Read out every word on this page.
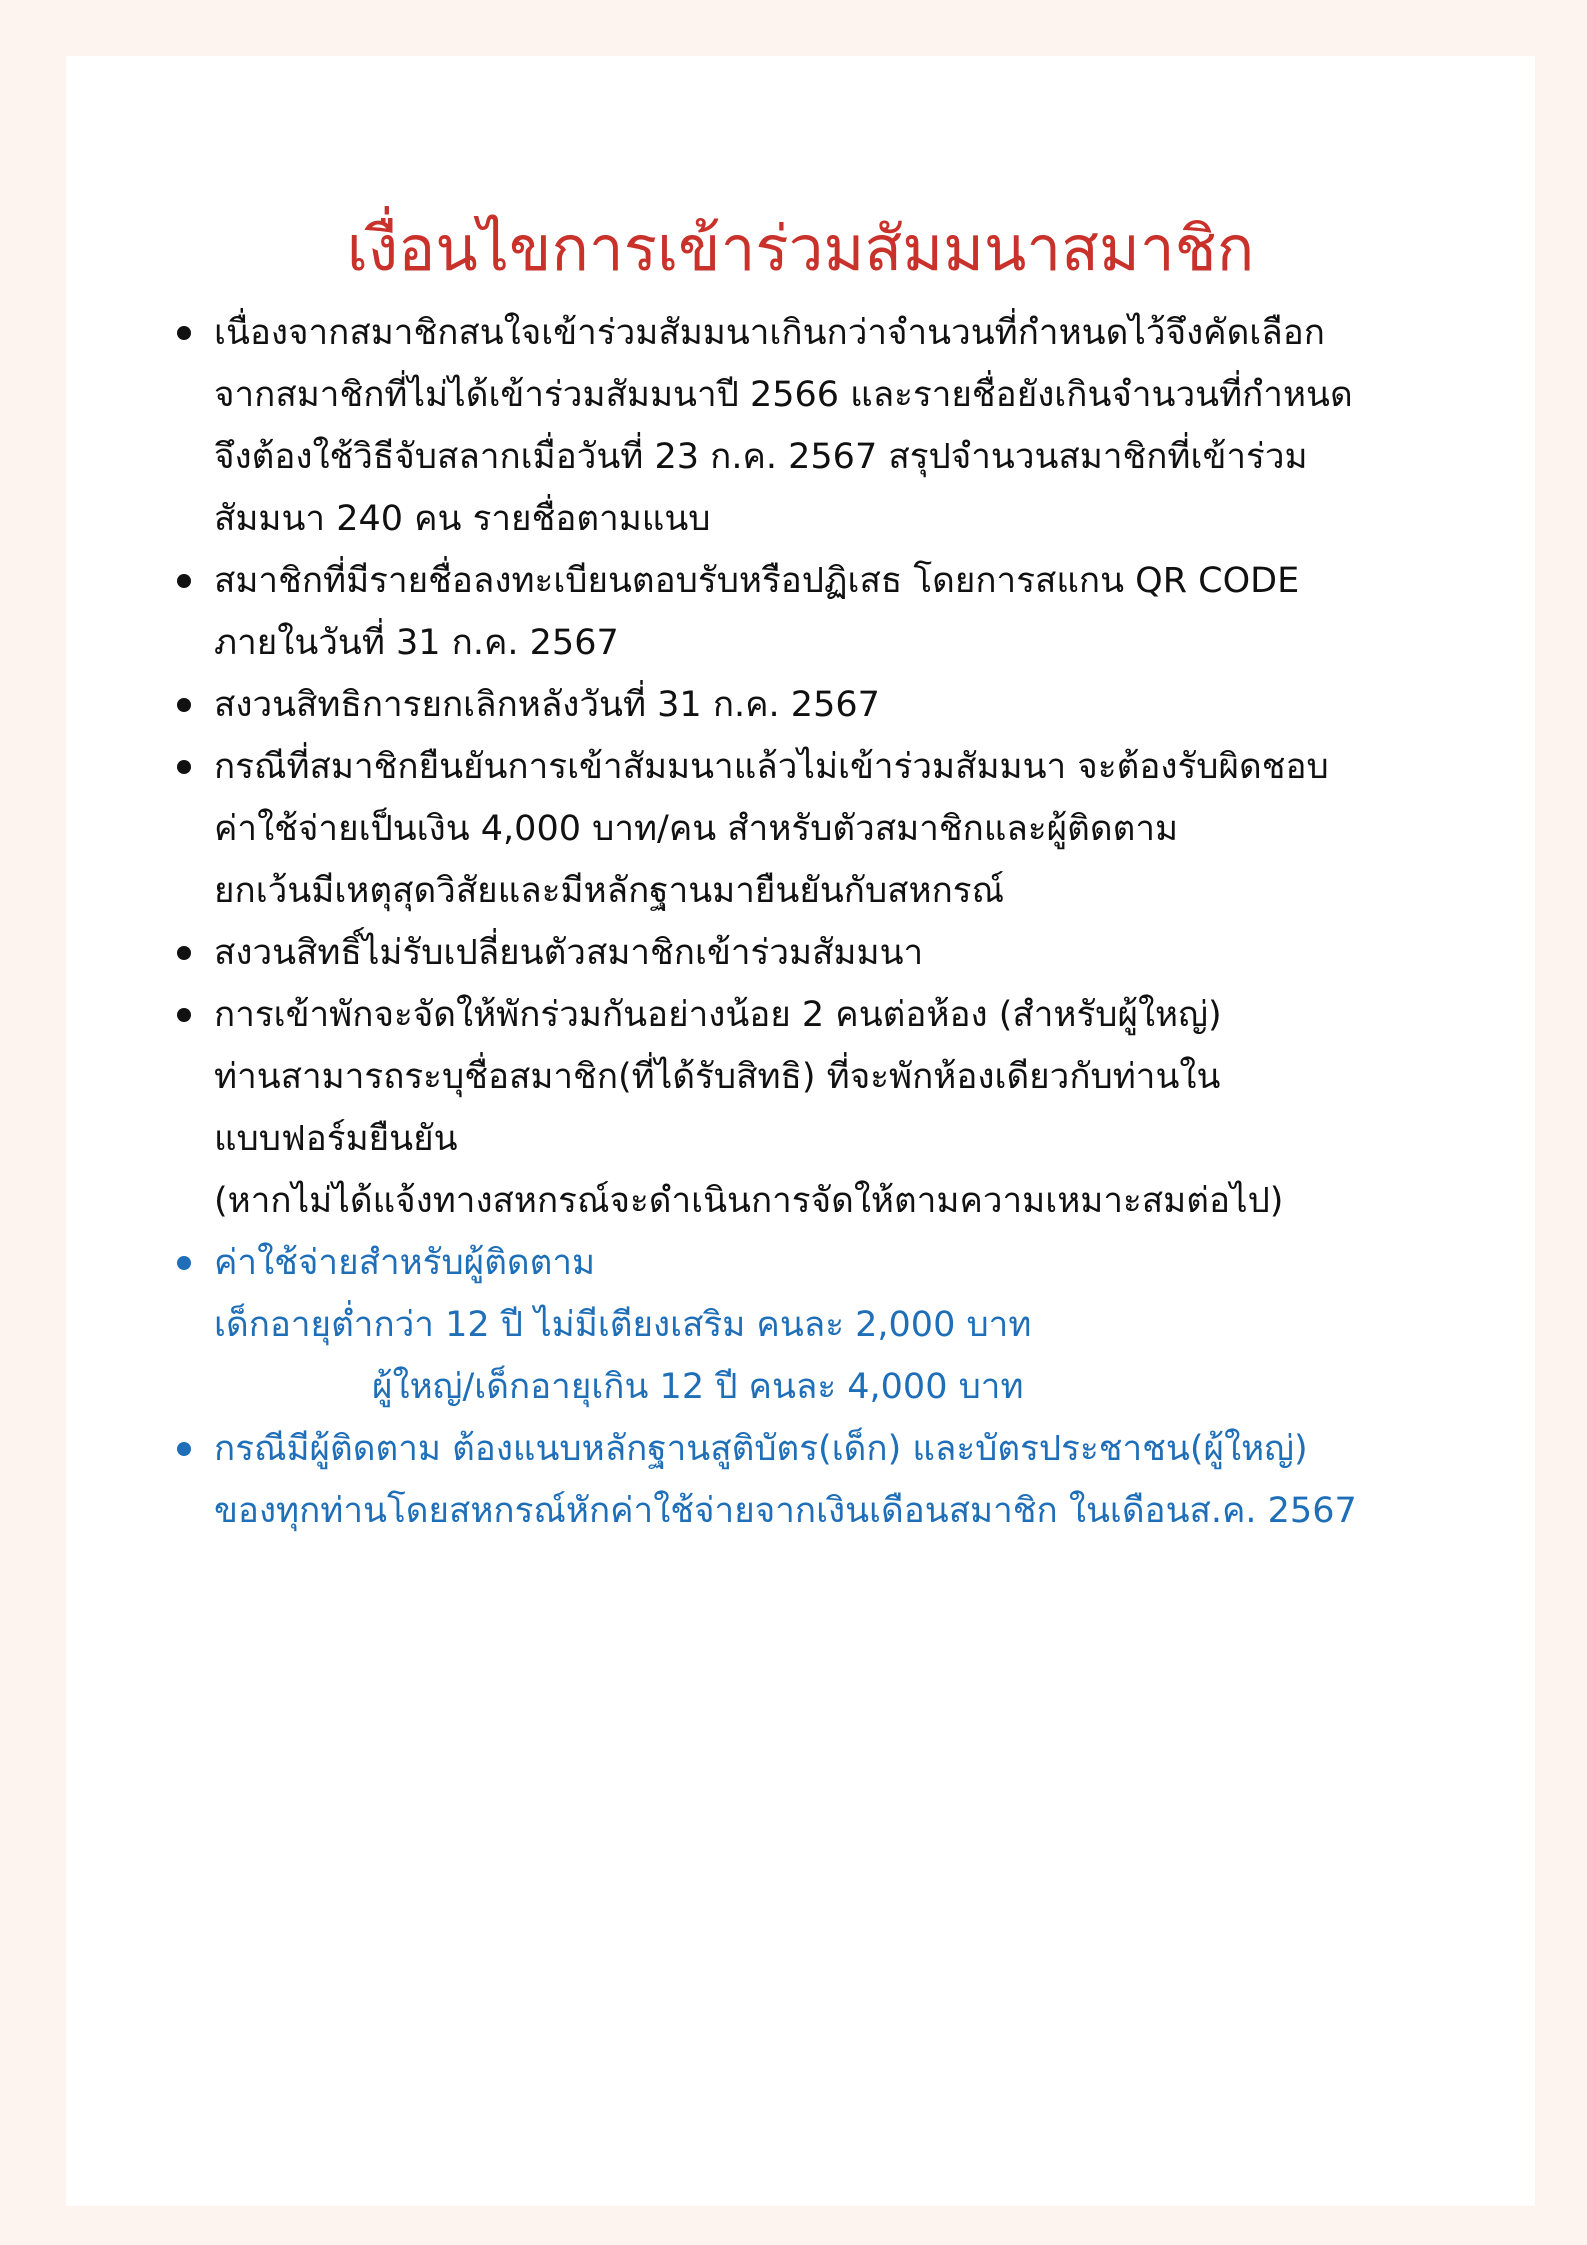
เงื่อนไขการเข้าร่วมสัมมนาสมาชิก
เนื่องจากสมาชิกสนใจเข้าร่วมสัมมนาเกินกว่าจำนวนที่กำหนดไว้จึงคัดเลือก
จากสมาชิกที่ไม่ได้เข้าร่วมสัมมนาปี 2566 และรายชื่อยังเกินจำนวนที่กำหนด
จึงต้องใช้วิธีจับสลากเมื่อวันที่ 23 ก.ค. 2567 สรุปจำนวนสมาชิกที่เข้าร่วม
สัมมนา 240 คน รายชื่อตามแนบ
สมาชิกที่มีรายชื่อลงทะเบียนตอบรับหรือปฏิเสธ โดยการสแกน QR CODE
ภายในวันที่ 31 ก.ค. 2567
สงวนสิทธิการยกเลิกหลังวันที่ 31 ก.ค. 2567
กรณีที่สมาชิกยืนยันการเข้าสัมมนาแล้วไม่เข้าร่วมสัมมนา จะต้องรับผิดชอบ
ค่าใช้จ่ายเป็นเงิน 4,000 บาท/คน สำหรับตัวสมาชิกและผู้ติดตาม
ยกเว้นมีเหตุสุดวิสัยและมีหลักฐานมายืนยันกับสหกรณ์
สงวนสิทธิ์ไม่รับเปลี่ยนตัวสมาชิกเข้าร่วมสัมมนา
การเข้าพักจะจัดให้พักร่วมกันอย่างน้อย 2 คนต่อห้อง (สำหรับผู้ใหญ่)
ท่านสามารถระบุชื่อสมาชิก(ที่ได้รับสิทธิ) ที่จะพักห้องเดียวกับท่านใน
แบบฟอร์มยืนยัน
(หากไม่ได้แจ้งทางสหกรณ์จะดำเนินการจัดให้ตามความเหมาะสมต่อไป)
ค่าใช้จ่ายสำหรับผู้ติดตาม
เด็กอายุต่ำกว่า 12 ปี ไม่มีเตียงเสริม คนละ 2,000 บาท
ผู้ใหญ่/เด็กอายุเกิน 12 ปี คนละ 4,000 บาท
กรณีมีผู้ติดตาม ต้องแนบหลักฐานสูติบัตร(เด็ก) และบัตรประชาชน(ผู้ใหญ่)
ของทุกท่านโดยสหกรณ์หักค่าใช้จ่ายจากเงินเดือนสมาชิก ในเดือนส.ค. 2567
